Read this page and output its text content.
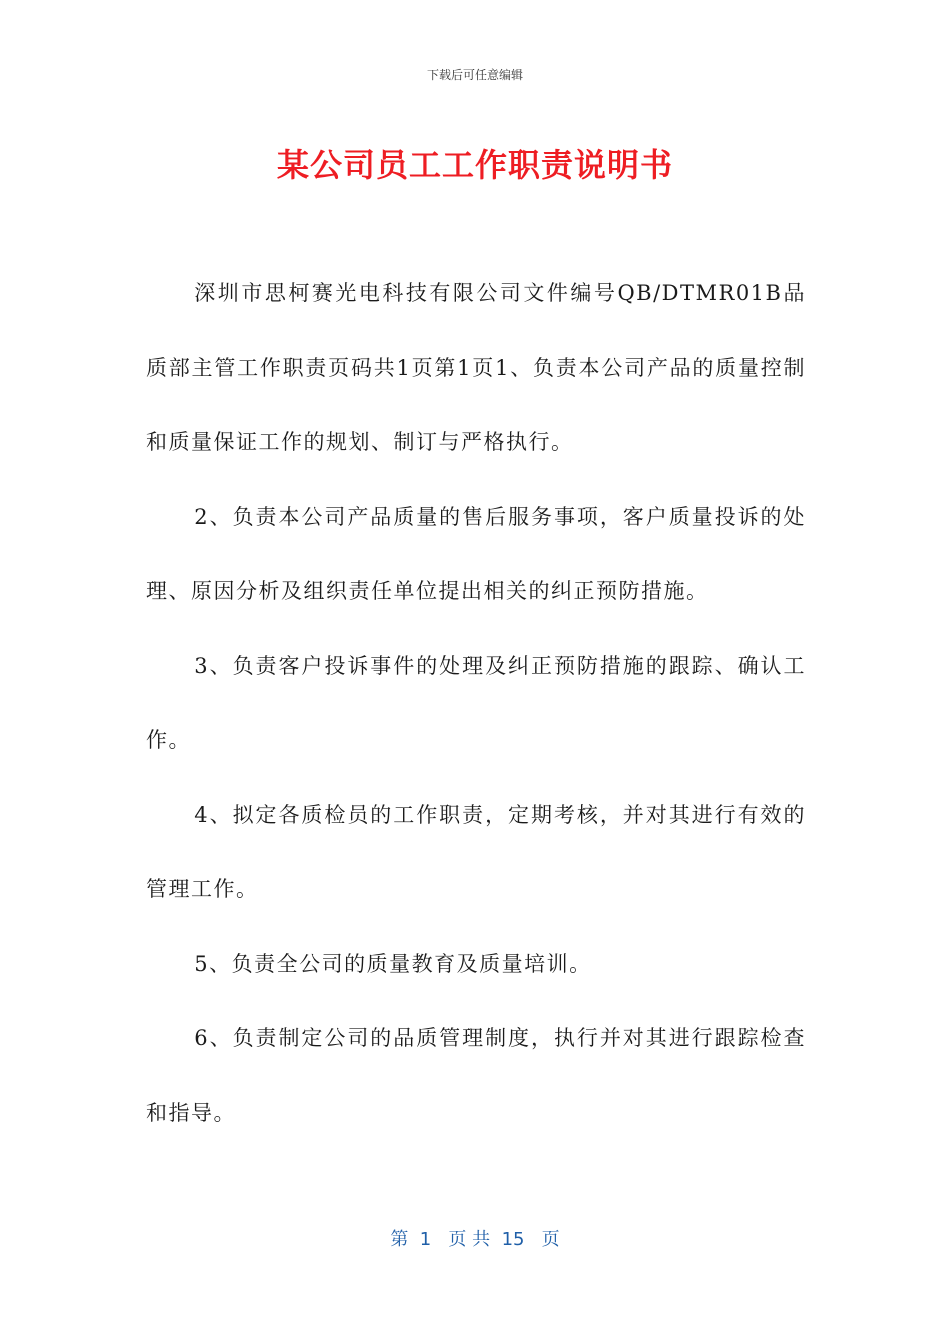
下载后可任意编辑
某公司员工工作职责说明书

深圳市思柯赛光电科技有限公司文件编号QB/DTMR01B品质部主管工作职责页码共1页第1页1、负责本公司产品的质量控制和质量保证工作的规划、制订与严格执行。

2、负责本公司产品质量的售后服务事项，客户质量投诉的处理、原因分析及组织责任单位提出相关的纠正预防措施。

3、负责客户投诉事件的处理及纠正预防措施的跟踪、确认工作。

4、拟定各质检员的工作职责，定期考核，并对其进行有效的管理工作。

5、负责全公司的质量教育及质量培训。

6、负责制定公司的品质管理制度，执行并对其进行跟踪检查和指导。

第  1   页 共  15   页
